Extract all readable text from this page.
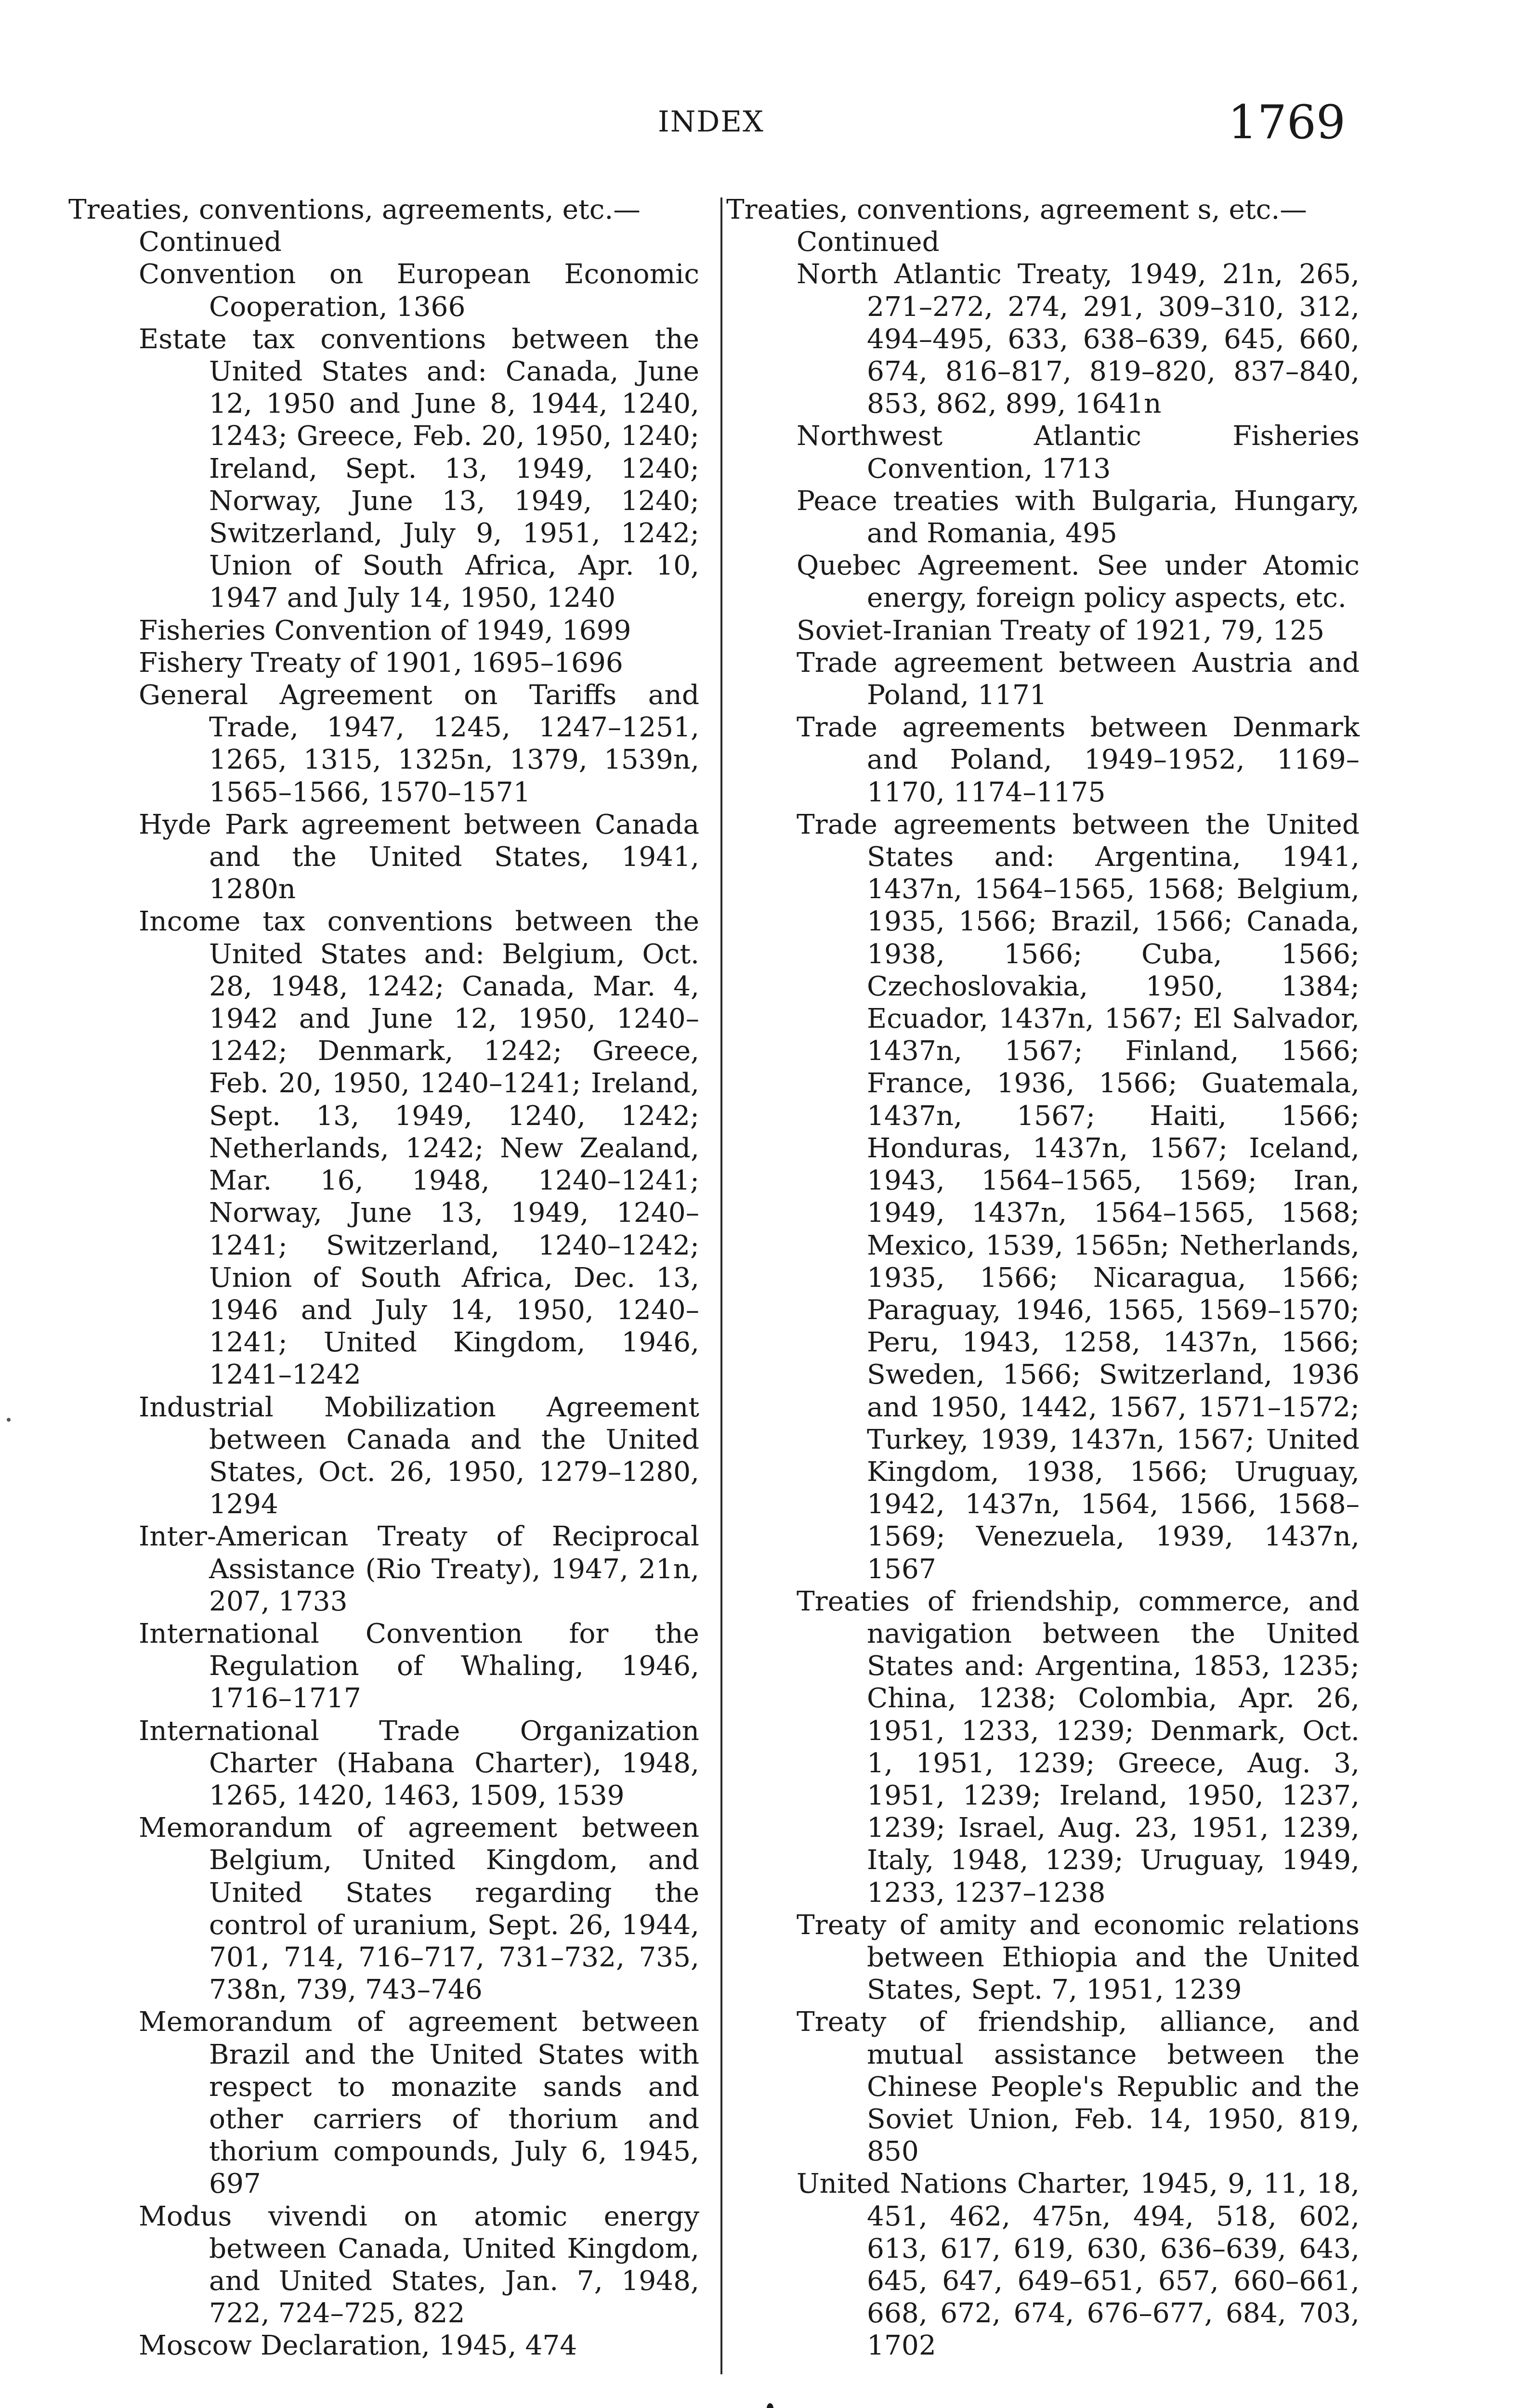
INDEX	1769
Treaties, conventions, agreements, etc.—
Continued
Convention on European Economic Cooperation, 1366
Estate tax conventions between the United States and: Canada, June 12, 1950 and June 8, 1944, 1240, 1243; Greece, Feb. 20, 1950, 1240; Ireland, Sept. 13, 1949, 1240; Norway, June 13, 1949, 1240; Switzerland, July 9, 1951, 1242; Union of South Africa, Apr. 10, 1947 and July 14, 1950, 1240
Fisheries Convention of 1949, 1699
Fishery Treaty of 1901, 1695–1696
General Agreement on Tariffs and Trade, 1947, 1245, 1247–1251, 1265, 1315, 1325n, 1379, 1539n, 1565–1566, 1570–1571
Hyde Park agreement between Canada and the United States, 1941, 1280n
Income tax conventions between the United States and: Belgium, Oct. 28, 1948, 1242; Canada, Mar. 4, 1942 and June 12, 1950, 1240–1242; Denmark, 1242; Greece, Feb. 20, 1950, 1240–1241; Ireland, Sept. 13, 1949, 1240, 1242; Netherlands, 1242; New Zealand, Mar. 16, 1948, 1240–1241; Norway, June 13, 1949, 1240–1241; Switzerland, 1240–1242; Union of South Africa, Dec. 13, 1946 and July 14, 1950, 1240–1241; United Kingdom, 1946, 1241–1242
Industrial Mobilization Agreement between Canada and the United States, Oct. 26, 1950, 1279–1280, 1294
Inter-American Treaty of Reciprocal Assistance (Rio Treaty), 1947, 21n, 207, 1733
International Convention for the Regulation of Whaling, 1946, 1716–1717
International Trade Organization Charter (Habana Charter), 1948, 1265, 1420, 1463, 1509, 1539
Memorandum of agreement between Belgium, United Kingdom, and United States regarding the control of uranium, Sept. 26, 1944, 701, 714, 716–717, 731–732, 735, 738n, 739, 743–746
Memorandum of agreement between Brazil and the United States with respect to monazite sands and other carriers of thorium and thorium compounds, July 6, 1945, 697
Modus vivendi on atomic energy between Canada, United Kingdom, and United States, Jan. 7, 1948, 722, 724–725, 822
Moscow Declaration, 1945, 474
Treaties, conventions, agreement s, etc.—
Continued
North Atlantic Treaty, 1949, 21n, 265, 271–272, 274, 291, 309–310, 312, 494–495, 633, 638–639, 645, 660, 674, 816–817, 819–820, 837–840, 853, 862, 899, 1641n
Northwest Atlantic Fisheries Convention, 1713
Peace treaties with Bulgaria, Hungary, and Romania, 495
Quebec Agreement. See under Atomic energy, foreign policy aspects, etc.
Soviet-Iranian Treaty of 1921, 79, 125
Trade agreement between Austria and Poland, 1171
Trade agreements between Denmark and Poland, 1949–1952, 1169–1170, 1174–1175
Trade agreements between the United States and: Argentina, 1941, 1437n, 1564–1565, 1568; Belgium, 1935, 1566; Brazil, 1566; Canada, 1938, 1566; Cuba, 1566; Czechoslovakia, 1950, 1384; Ecuador, 1437n, 1567; El Salvador, 1437n, 1567; Finland, 1566; France, 1936, 1566; Guatemala, 1437n, 1567; Haiti, 1566; Honduras, 1437n, 1567; Iceland, 1943, 1564–1565, 1569; Iran, 1949, 1437n, 1564–1565, 1568; Mexico, 1539, 1565n; Netherlands, 1935, 1566; Nicaragua, 1566; Paraguay, 1946, 1565, 1569–1570; Peru, 1943, 1258, 1437n, 1566; Sweden, 1566; Switzerland, 1936 and 1950, 1442, 1567, 1571–1572; Turkey, 1939, 1437n, 1567; United Kingdom, 1938, 1566; Uruguay, 1942, 1437n, 1564, 1566, 1568–1569; Venezuela, 1939, 1437n, 1567
Treaties of friendship, commerce, and navigation between the United States and: Argentina, 1853, 1235; China, 1238; Colombia, Apr. 26, 1951, 1233, 1239; Denmark, Oct. 1, 1951, 1239; Greece, Aug. 3, 1951, 1239; Ireland, 1950, 1237, 1239; Israel, Aug. 23, 1951, 1239, Italy, 1948, 1239; Uruguay, 1949, 1233, 1237–1238
Treaty of amity and economic relations between Ethiopia and the United States, Sept. 7, 1951, 1239
Treaty of friendship, alliance, and mutual assistance between the Chinese People's Republic and the Soviet Union, Feb. 14, 1950, 819, 850
United Nations Charter, 1945, 9, 11, 18, 451, 462, 475n, 494, 518, 602, 613, 617, 619, 630, 636–639, 643, 645, 647, 649–651, 657, 660–661, 668, 672, 674, 676–677, 684, 703, 1702
